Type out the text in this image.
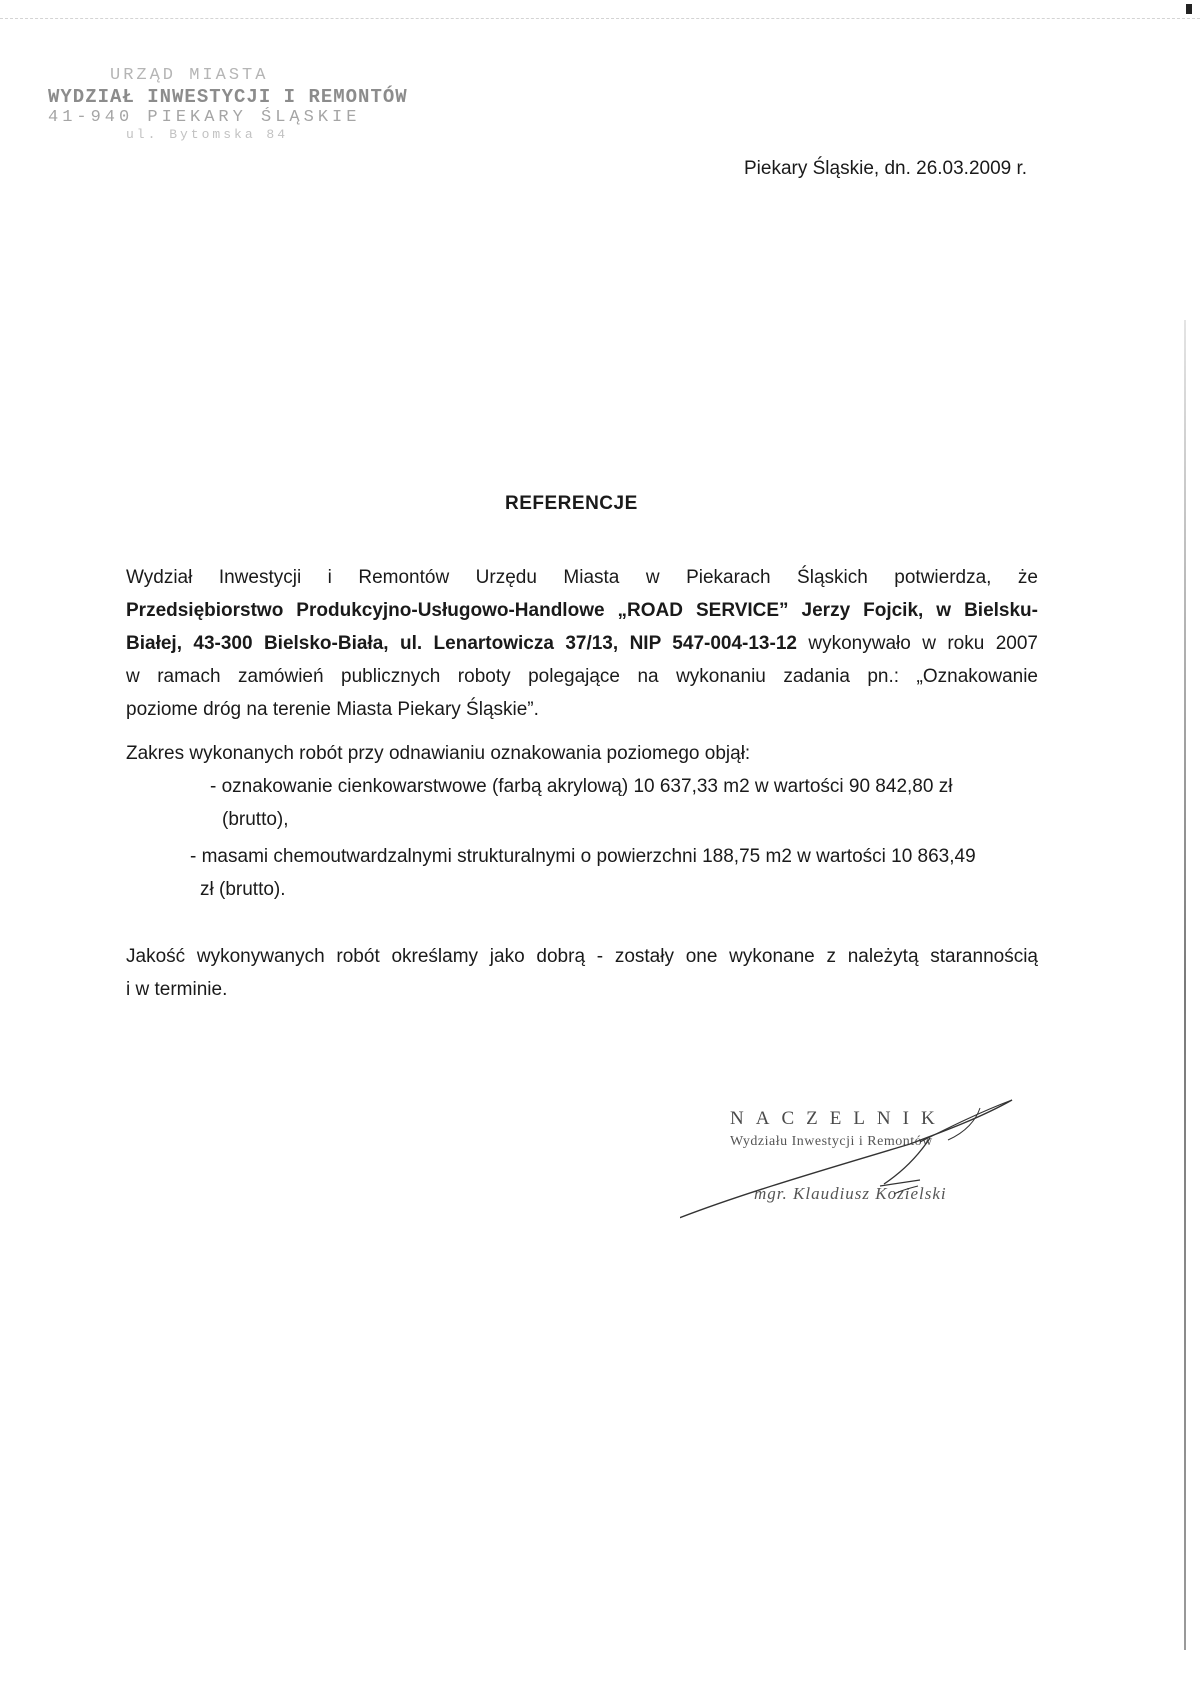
URZĄD MIASTA
WYDZIAŁ INWESTYCJI I REMONTÓW
41-940 PIEKARY ŚLĄSKIE
ul. Bytomska 84
Piekary Śląskie, dn. 26.03.2009 r.
REFERENCJE
Wydział Inwestycji i Remontów Urzędu Miasta w Piekarach Śląskich potwierdza, że
Przedsiębiorstwo Produkcyjno-Usługowo-Handlowe „ROAD SERVICE” Jerzy Fojcik, w Bielsku-
Białej, 43-300 Bielsko-Biała, ul. Lenartowicza 37/13, NIP 547-004-13-12 wykonywało w roku 2007
w ramach zamówień publicznych roboty polegające na wykonaniu zadania pn.: „Oznakowanie
poziome dróg na terenie Miasta Piekary Śląskie”.
Zakres wykonanych robót przy odnawianiu oznakowania poziomego objął:
- oznakowanie cienkowarstwowe (farbą akrylową) 10 637,33 m2 w wartości 90 842,80 zł
(brutto),
- masami chemoutwardzalnymi strukturalnymi o powierzchni 188,75 m2 w wartości 10 863,49
zł (brutto).
Jakość wykonywanych robót określamy jako dobrą - zostały one wykonane z należytą starannością
i w terminie.
NACZELNIK
Wydziału Inwestycji i Remontów
mgr. Klaudiusz Kozielski
